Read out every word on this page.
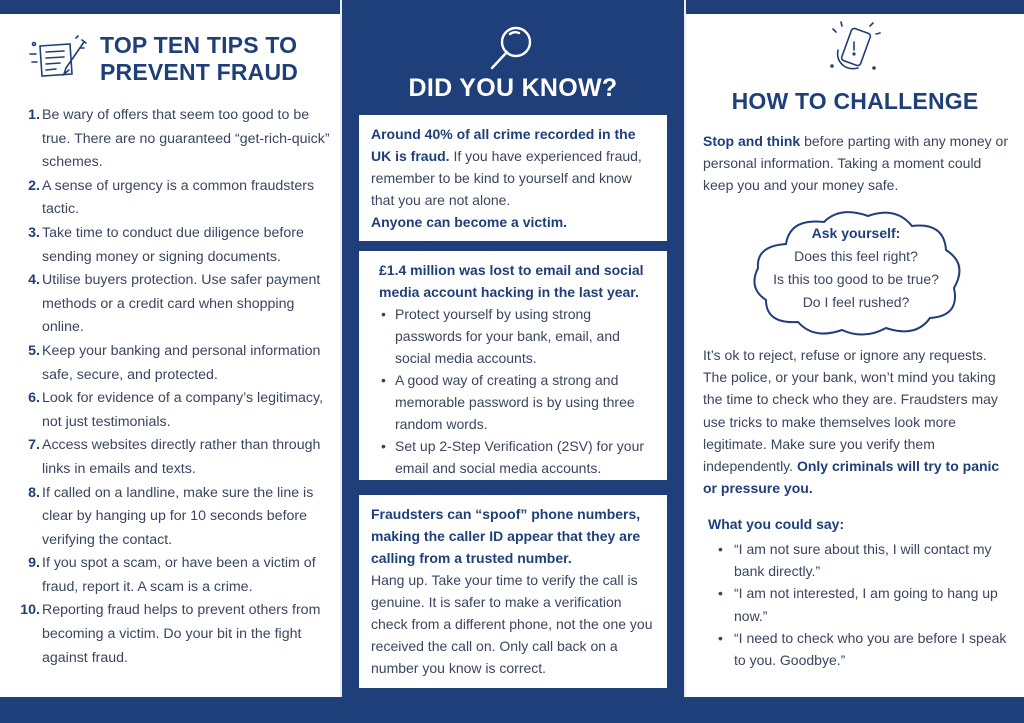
TOP TEN TIPS TO
PREVENT FRAUD
1. Be wary of offers that seem too good to be true. There are no guaranteed “get-rich-quick” schemes.
2. A sense of urgency is a common fraudsters tactic.
3. Take time to conduct due diligence before sending money or signing documents.
4. Utilise buyers protection. Use safer payment methods or a credit card when shopping online.
5. Keep your banking and personal information safe, secure, and protected.
6. Look for evidence of a company’s legitimacy, not just testimonials.
7. Access websites directly rather than through links in emails and texts.
8. If called on a landline, make sure the line is clear by hanging up for 10 seconds before verifying the contact.
9. If you spot a scam, or have been a victim of fraud, report it. A scam is a crime.
10. Reporting fraud helps to prevent others from becoming a victim. Do your bit in the fight against fraud.
DID YOU KNOW?
Around 40% of all crime recorded in the UK is fraud. If you have experienced fraud, remember to be kind to yourself and know that you are not alone.
Anyone can become a victim.
£1.4 million was lost to email and social media account hacking in the last year.
• Protect yourself by using strong passwords for your bank, email, and social media accounts.
• A good way of creating a strong and memorable password is by using three random words.
• Set up 2-Step Verification (2SV) for your email and social media accounts.
Fraudsters can “spoof” phone numbers, making the caller ID appear that they are calling from a trusted number.
Hang up. Take your time to verify the call is genuine. It is safer to make a verification check from a different phone, not the one you received the call on. Only call back on a number you know is correct.
HOW TO CHALLENGE
Stop and think before parting with any money or personal information. Taking a moment could keep you and your money safe.
Ask yourself:
Does this feel right?
Is this too good to be true?
Do I feel rushed?
It’s ok to reject, refuse or ignore any requests. The police, or your bank, won’t mind you taking the time to check who they are. Fraudsters may use tricks to make themselves look more legitimate. Make sure you verify them independently. Only criminals will try to panic or pressure you.
What you could say:
• “I am not sure about this, I will contact my bank directly.”
• “I am not interested, I am going to hang up now.”
• “I need to check who you are before I speak to you. Goodbye.”
